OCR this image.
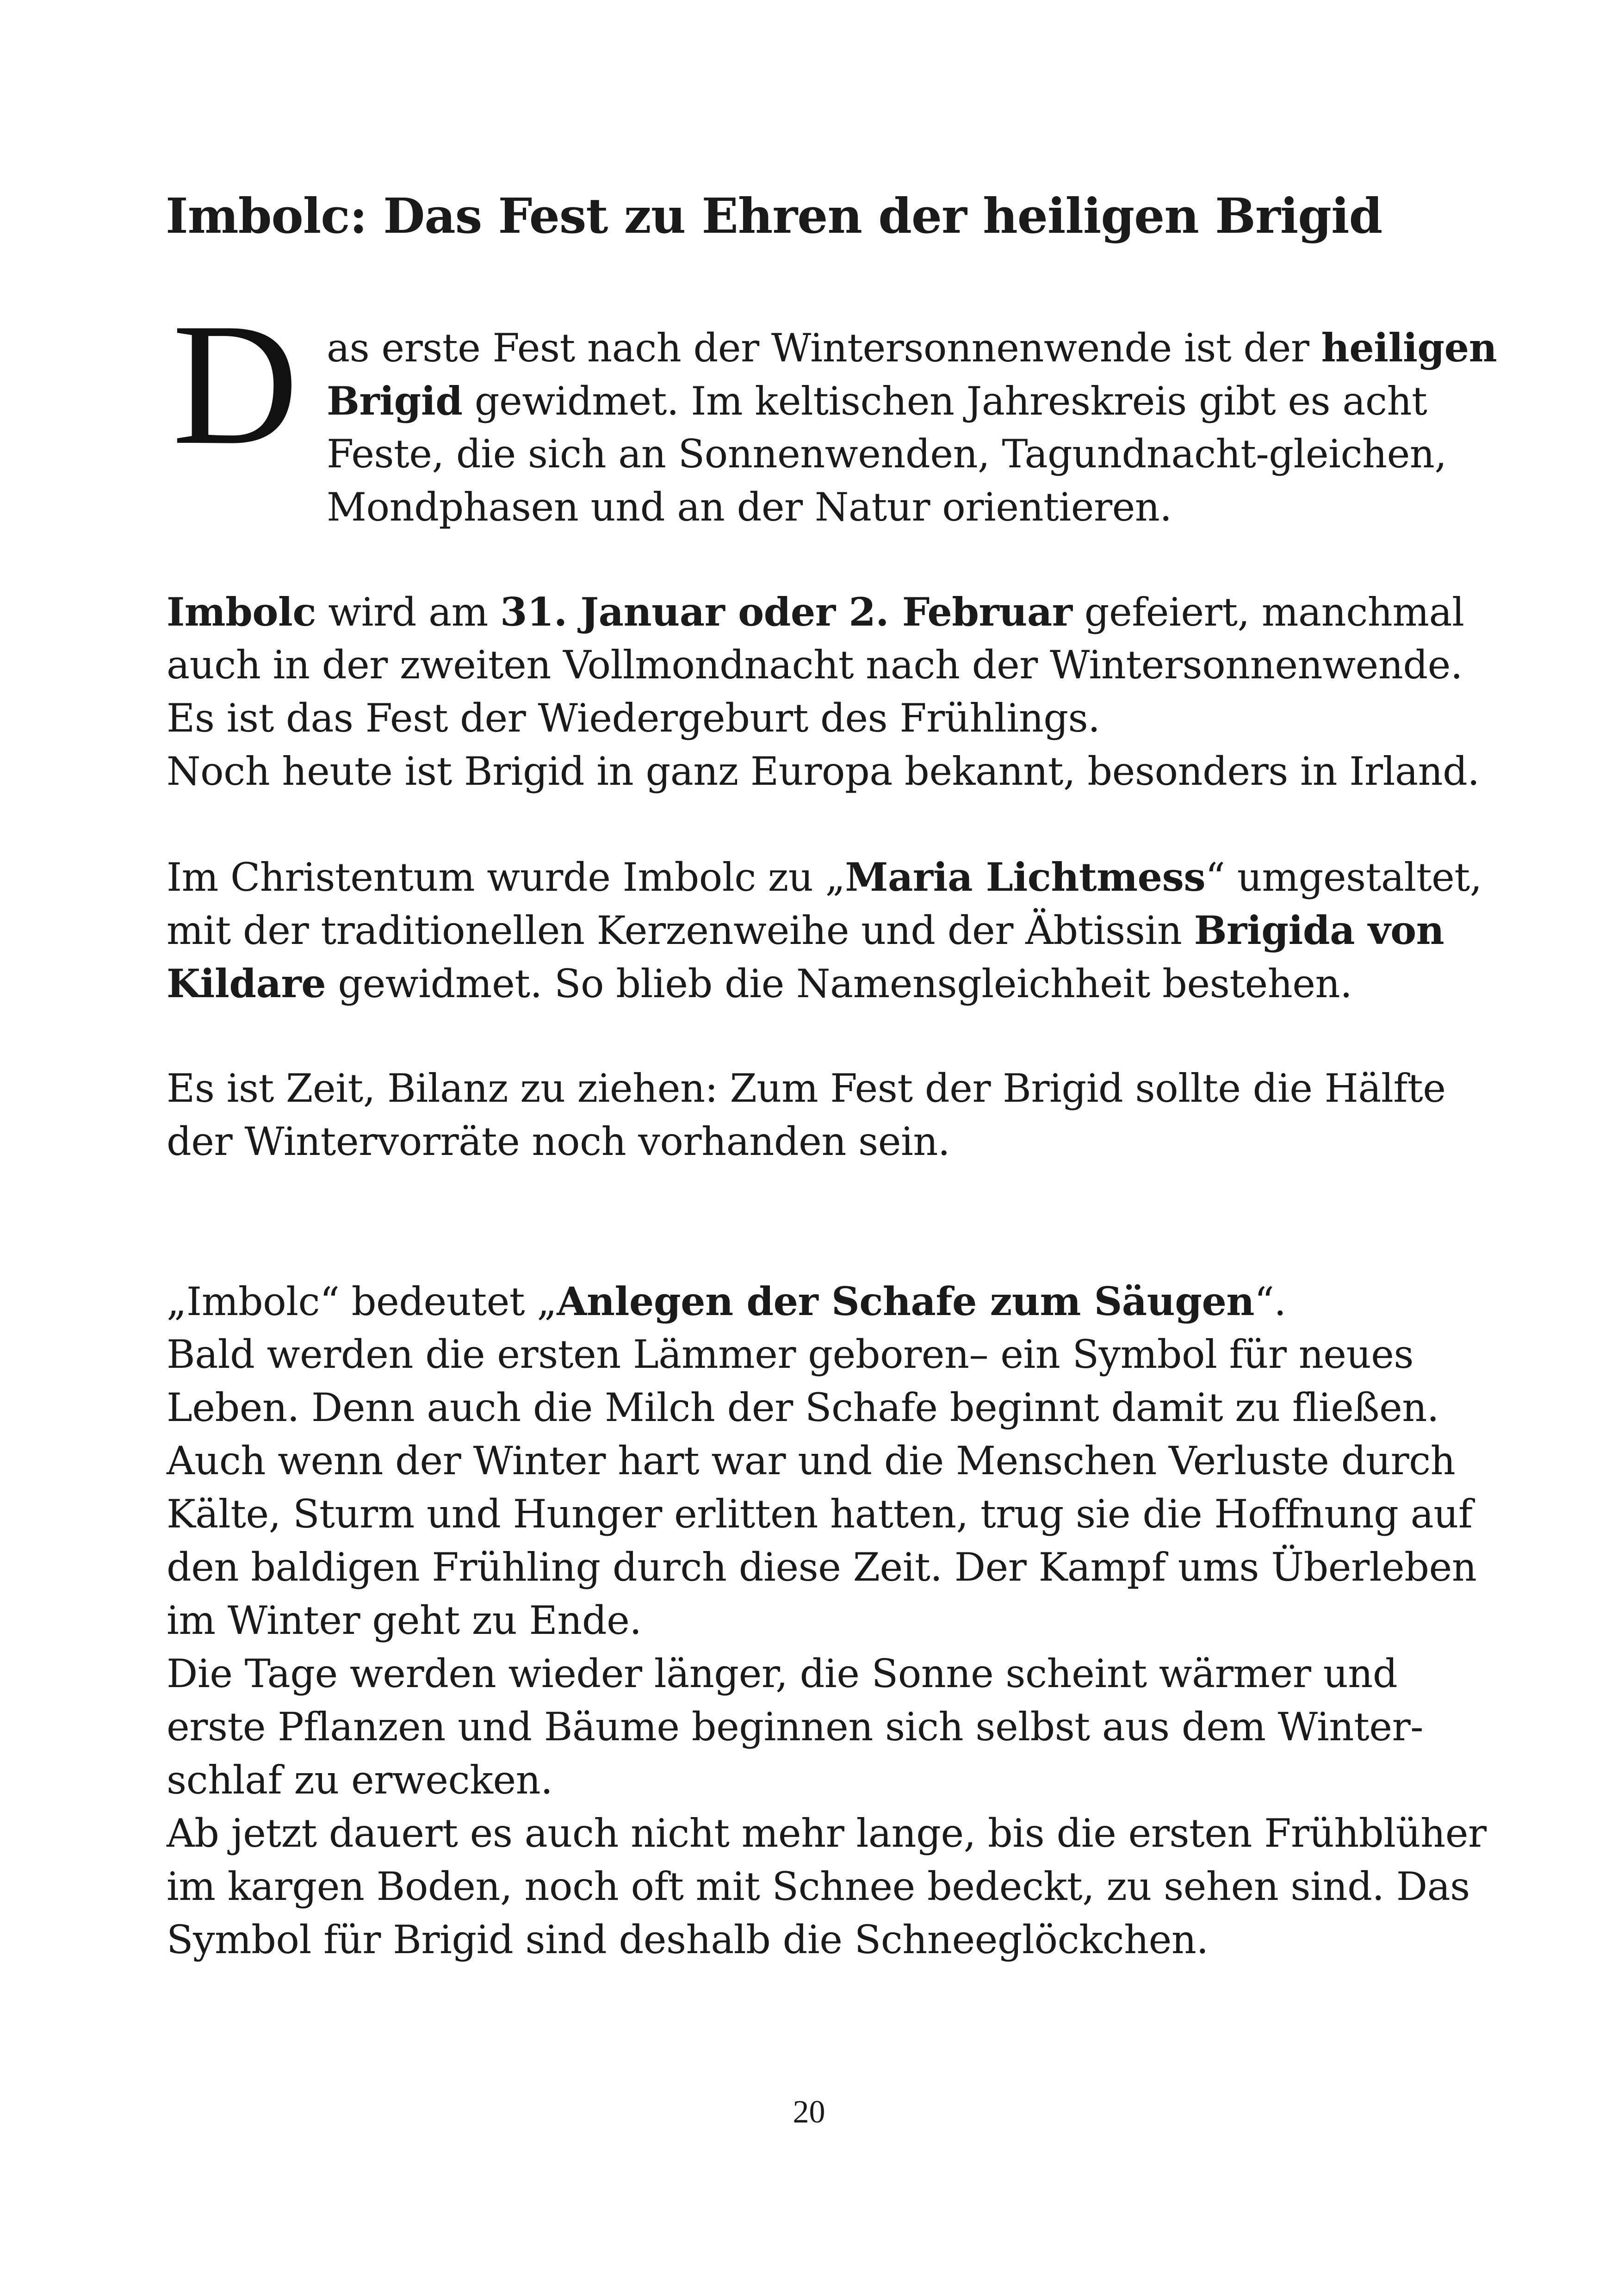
Imbolc: Das Fest zu Ehren der heiligen Brigid
D as erste Fest nach der Wintersonnenwende ist der heiligen
Brigid gewidmet. Im keltischen Jahreskreis gibt es acht
Feste, die sich an Sonnenwenden, Tagundnacht-gleichen,
Mondphasen und an der Natur orientieren.
Imbolc wird am 31. Januar oder 2. Februar gefeiert, manchmal
auch in der zweiten Vollmondnacht nach der Wintersonnenwende.
Es ist das Fest der Wiedergeburt des Frühlings.
Noch heute ist Brigid in ganz Europa bekannt, besonders in Irland.
Im Christentum wurde Imbolc zu „Maria Lichtmess“ umgestaltet,
mit der traditionellen Kerzenweihe und der Äbtissin Brigida von
Kildare gewidmet. So blieb die Namensgleichheit bestehen.
Es ist Zeit, Bilanz zu ziehen: Zum Fest der Brigid sollte die Hälfte
der Wintervorräte noch vorhanden sein.
„Imbolc“ bedeutet „Anlegen der Schafe zum Säugen“.
Bald werden die ersten Lämmer geboren– ein Symbol für neues
Leben. Denn auch die Milch der Schafe beginnt damit zu fließen.
Auch wenn der Winter hart war und die Menschen Verluste durch
Kälte, Sturm und Hunger erlitten hatten, trug sie die Hoffnung auf
den baldigen Frühling durch diese Zeit. Der Kampf ums Überleben
im Winter geht zu Ende.
Die Tage werden wieder länger, die Sonne scheint wärmer und
erste Pflanzen und Bäume beginnen sich selbst aus dem Winter-
schlaf zu erwecken.
Ab jetzt dauert es auch nicht mehr lange, bis die ersten Frühblüher
im kargen Boden, noch oft mit Schnee bedeckt, zu sehen sind. Das
Symbol für Brigid sind deshalb die Schneeglöckchen.
20
